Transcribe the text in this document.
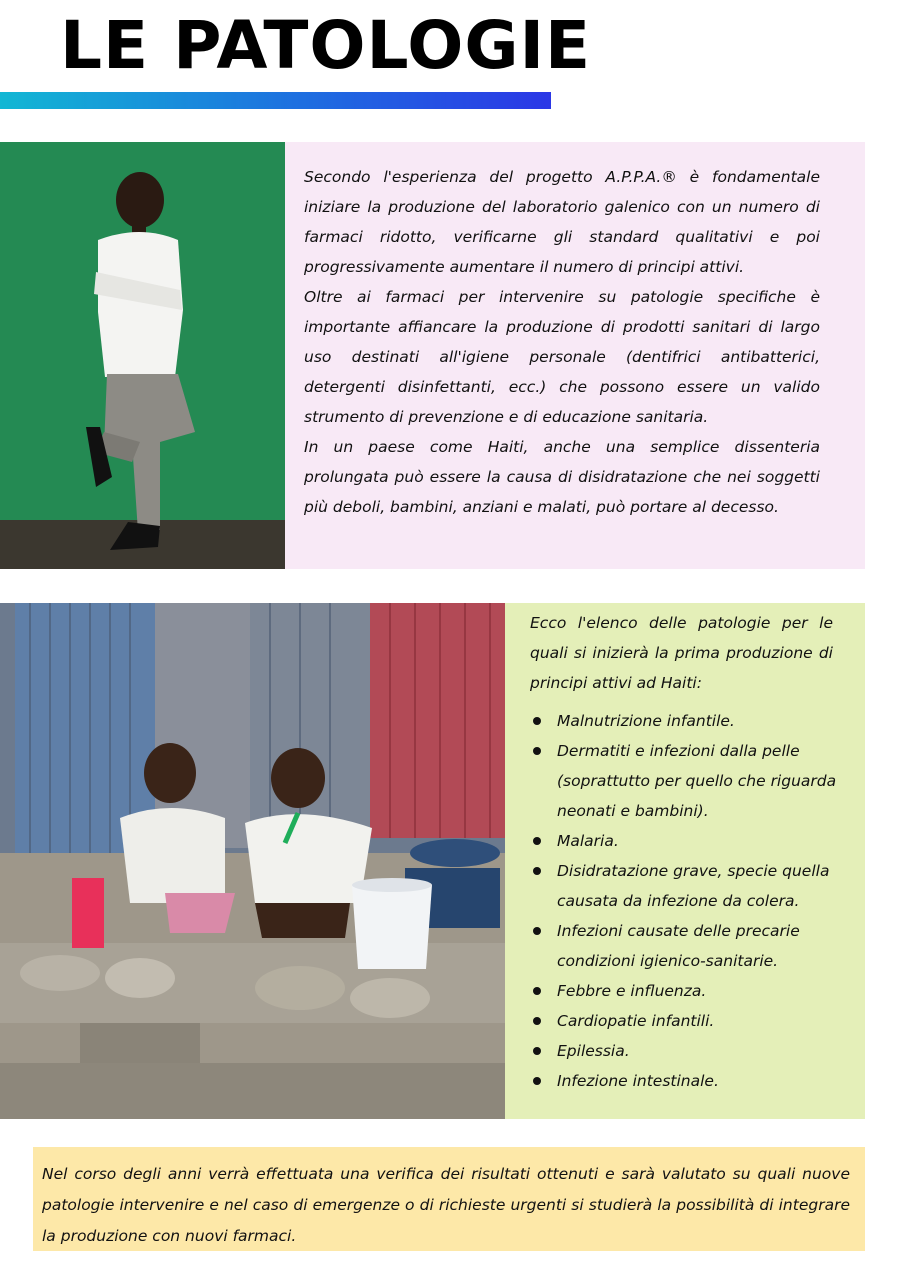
LE PATOLOGIE

Secondo l'esperienza del progetto A.P.P.A.® è fondamentale iniziare la produzione del laboratorio galenico con un numero di farmaci ridotto, verificarne gli standard qualitativi e poi progressivamente aumentare il numero di principi attivi.

Oltre ai farmaci per intervenire su patologie specifiche è importante affiancare la produzione di prodotti sanitari di largo uso destinati all'igiene personale (dentifrici antibatterici, detergenti disinfettanti, ecc.) che possono essere un valido strumento di prevenzione e di educazione sanitaria.

In un paese come Haiti, anche una semplice dissenteria prolungata può essere la causa di disidratazione che nei soggetti più deboli, bambini, anziani e malati, può portare al decesso.

Ecco l'elenco delle patologie per le quali si inizierà la prima produzione di principi attivi ad Haiti:

Malnutrizione infantile.
Dermatiti e infezioni dalla pelle (soprattutto per quello che riguarda neonati e bambini).
Malaria.
Disidratazione grave, specie quella causata da infezione da colera.
Infezioni causate delle precarie condizioni igienico-sanitarie.
Febbre e influenza.
Cardiopatie infantili.
Epilessia.
Infezione intestinale.

Nel corso degli anni verrà effettuata una verifica dei risultati ottenuti e sarà valutato su quali nuove patologie intervenire e nel caso di emergenze o di richieste urgenti si studierà la possibilità di integrare la produzione con nuovi farmaci.
